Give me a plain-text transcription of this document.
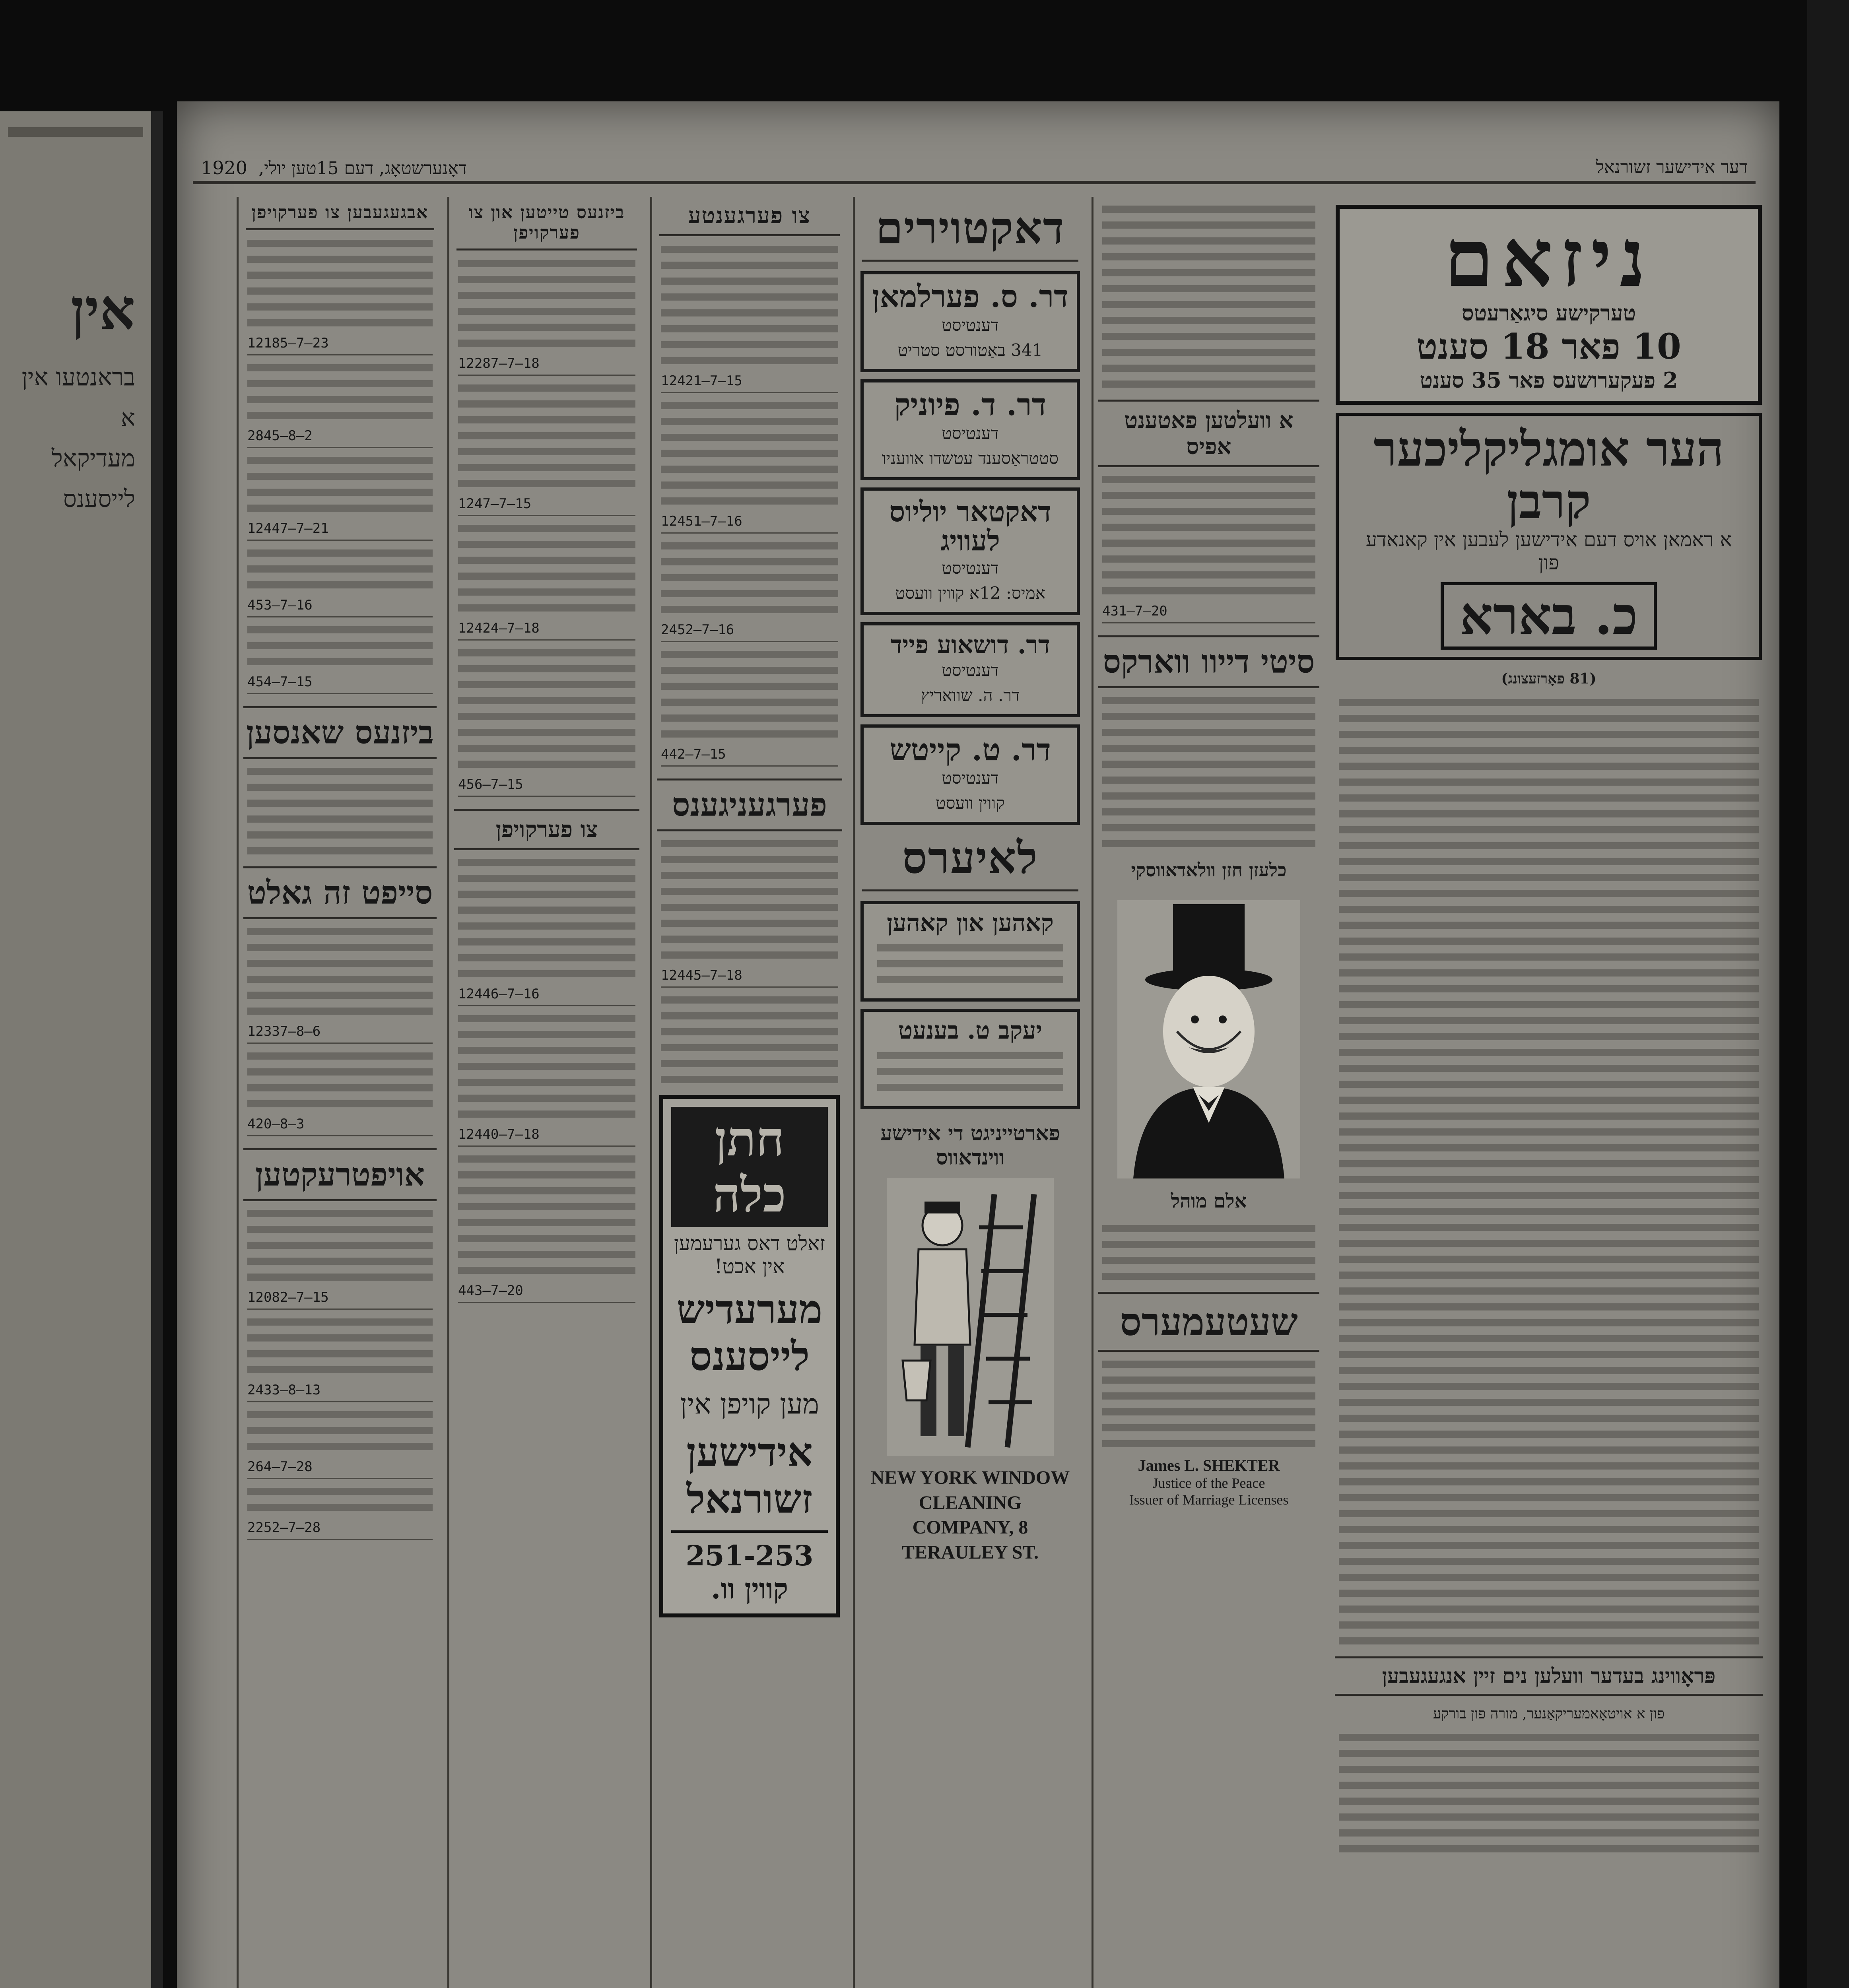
אין
בראנטעו אין א
מעדיקאל
לייסענס
דער אידישער זשורנאל
דאָנערשטאָג, דעם 15טען יולי, 1920
ניזאם
טערקישע סיגאַרעטס
10 פאר 18 סענט
2 פעקערושעס פאר 35 סענט
הער אומגליקליכער קרבן
א ראמאן אויס דעם אידישען לעבען אין קאנאדע
פון
כ. בארא
(81 פאָרזעצונג)
פּראָווינג בעדער וועלען נים זיין אנגעגעבען
פון א אויטאָאמעריקאַנער, מורה פון בורקע
א וועלטען פאטענט אפיס
431—7—20
סיטי דייוו ווארקס
כלעזן חזן וולאדאווסקי
אלם מוהל
שעטעמערס
James L. SHEKTER
Justice of the Peace
Issuer of Marriage Licenses
דאקטוירים
דר. ס. פערלמאן
דענטיסט
341 באַטורסט סטריט
דר. ד. פיוניק
דענטיסט
סטטראַסענד עטשדו אוועניו
דאקטאר יוליוס לעוויג
דענטיסט
אמיס: 12א קווין וועסט
דר. דושאוע פייד
דענטיסט
דר. ה. שוואריץ
דר. ט. קייטש
דענטיסט
קווין וועסט
לאיערס
קאהען און קאהען
יעקב ט. בענעט
פארטייניגט די אידישע ווינדאווס
NEW YORK WINDOW CLEANING
COMPANY, 8 TERAULEY ST.
צו פערגענטע
12421—7—15
12451—7—16
2452—7—16
442—7—15
פערגעניגענס
12445—7—18
חתן כלה
זאלט דאס גערעמען אין אכט!
מערעדיש לייסענס
מען קויפן אין
אידישען זשורנאל
251-253 קווין וו.
ביזנעס טייטען און צו פערקויפן
12287—7—18
1247—7—15
12424—7—18
456—7—15
צו פערקויפן
12446—7—16
12440—7—18
443—7—20
אבגעגעבען צו פערקויפן
12185—7—23
2845—8—2
12447—7—21
453—7—16
454—7—15
ביזנעס שאנסען
סייפט זה גאלט
12337—8—6
420—8—3
אויפטרעקטען
12082—7—15
2433—8—13
264—7—28
2252—7—28
